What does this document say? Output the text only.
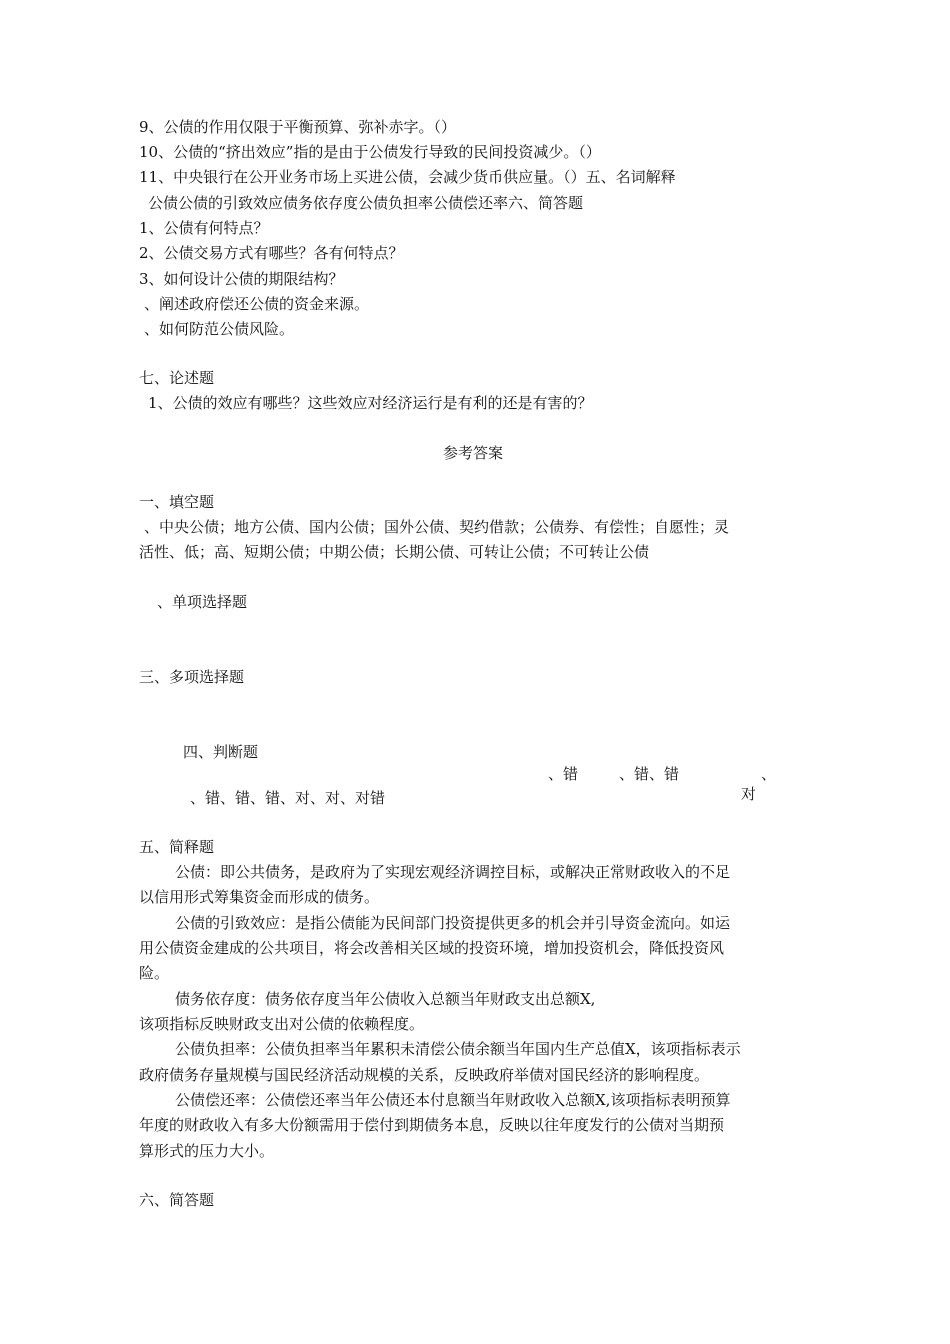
9、公债的作用仅限于平衡预算、弥补赤字。（）
10、公债的“挤出效应”指的是由于公债发行导致的民间投资减少。（）
11、中央银行在公开业务市场上买进公债，会减少货币供应量。（）五、名词解释
公债公债的引致效应债务依存度公债负担率公债偿还率六、简答题
1、公债有何特点？
2、公债交易方式有哪些？各有何特点？
3、如何设计公债的期限结构？
、阐述政府偿还公债的资金来源。
、如何防范公债风险。
七、论述题
1、公债的效应有哪些？这些效应对经济运行是有利的还是有害的？
参考答案
一、填空题
、中央公债；地方公债、国内公债；国外公债、契约借款；公债券、有偿性；自愿性；灵
活性、低；高、短期公债；中期公债；长期公债、可转让公债；不可转让公债
、单项选择题
三、多项选择题
四、判断题
、错	、错、错	、
对
、错、错、错、对、对、对错
五、简释题
公债：即公共债务，是政府为了实现宏观经济调控目标，或解决正常财政收入的不足
以信用形式筹集资金而形成的债务。
公债的引致效应：是指公债能为民间部门投资提供更多的机会并引导资金流向。如运
用公债资金建成的公共项目，将会改善相关区域的投资环境，增加投资机会，降低投资风
险。
债务依存度：债务依存度当年公债收入总额当年财政支出总额X,
该项指标反映财政支出对公债的依赖程度。
公债负担率：公债负担率当年累积未清偿公债余额当年国内生产总值X，该项指标表示
政府债务存量规模与国民经济活动规模的关系，反映政府举债对国民经济的影响程度。
公债偿还率：公债偿还率当年公债还本付息额当年财政收入总额X,该项指标表明预算
年度的财政收入有多大份额需用于偿付到期债务本息，反映以往年度发行的公债对当期预
算形式的压力大小。
六、简答题
